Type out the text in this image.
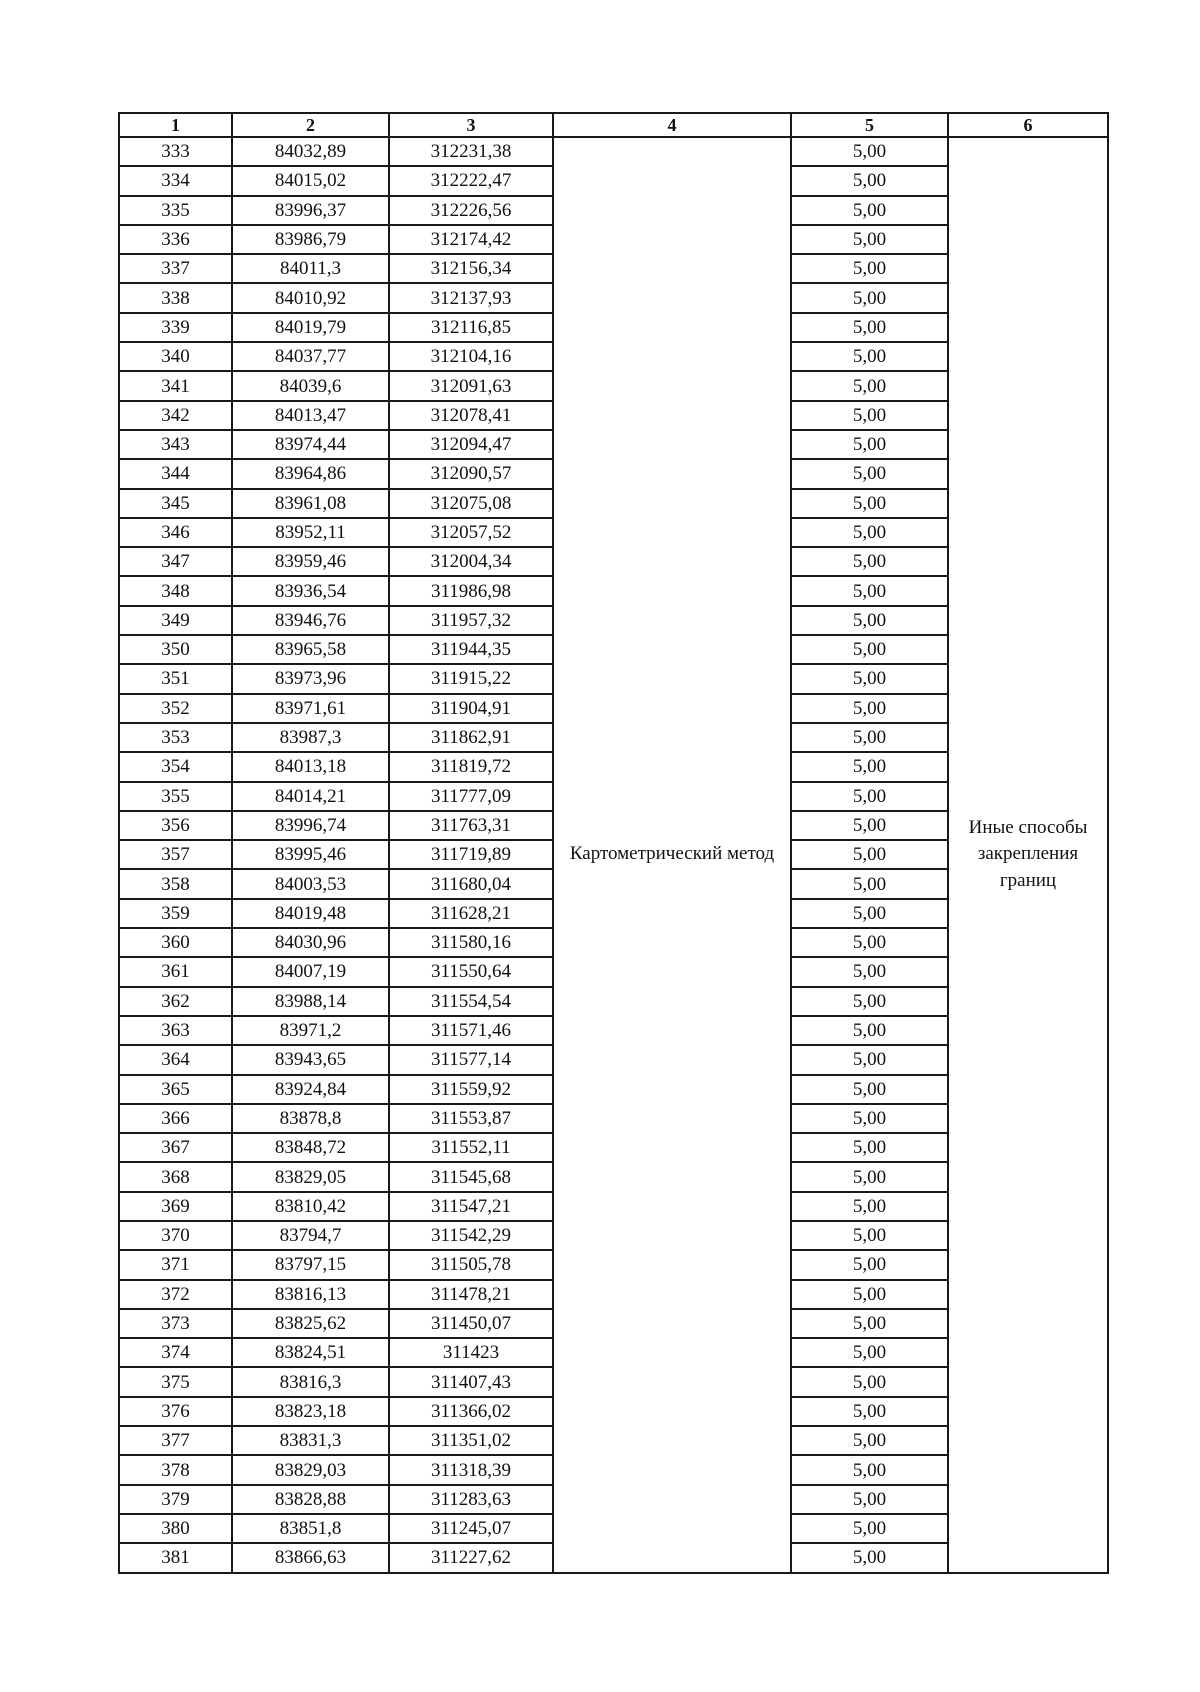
1	2	3	4	5	6
333	84032,89	312231,38	Картометрический метод	5,00	Иные способы закрепления границ
334	84015,02	312222,47		5,00	
335	83996,37	312226,56		5,00	
336	83986,79	312174,42		5,00	
337	84011,3	312156,34		5,00	
338	84010,92	312137,93		5,00	
339	84019,79	312116,85		5,00	
340	84037,77	312104,16		5,00	
341	84039,6	312091,63		5,00	
342	84013,47	312078,41		5,00	
343	83974,44	312094,47		5,00	
344	83964,86	312090,57		5,00	
345	83961,08	312075,08		5,00	
346	83952,11	312057,52		5,00	
347	83959,46	312004,34		5,00	
348	83936,54	311986,98		5,00	
349	83946,76	311957,32		5,00	
350	83965,58	311944,35		5,00	
351	83973,96	311915,22		5,00	
352	83971,61	311904,91		5,00	
353	83987,3	311862,91		5,00	
354	84013,18	311819,72		5,00	
355	84014,21	311777,09		5,00	
356	83996,74	311763,31		5,00	
357	83995,46	311719,89		5,00	
358	84003,53	311680,04		5,00	
359	84019,48	311628,21		5,00	
360	84030,96	311580,16		5,00	
361	84007,19	311550,64		5,00	
362	83988,14	311554,54		5,00	
363	83971,2	311571,46		5,00	
364	83943,65	311577,14		5,00	
365	83924,84	311559,92		5,00	
366	83878,8	311553,87		5,00	
367	83848,72	311552,11		5,00	
368	83829,05	311545,68		5,00	
369	83810,42	311547,21		5,00	
370	83794,7	311542,29		5,00	
371	83797,15	311505,78		5,00	
372	83816,13	311478,21		5,00	
373	83825,62	311450,07		5,00	
374	83824,51	311423		5,00	
375	83816,3	311407,43		5,00	
376	83823,18	311366,02		5,00	
377	83831,3	311351,02		5,00	
378	83829,03	311318,39		5,00	
379	83828,88	311283,63		5,00	
380	83851,8	311245,07		5,00	
381	83866,63	311227,62		5,00	
